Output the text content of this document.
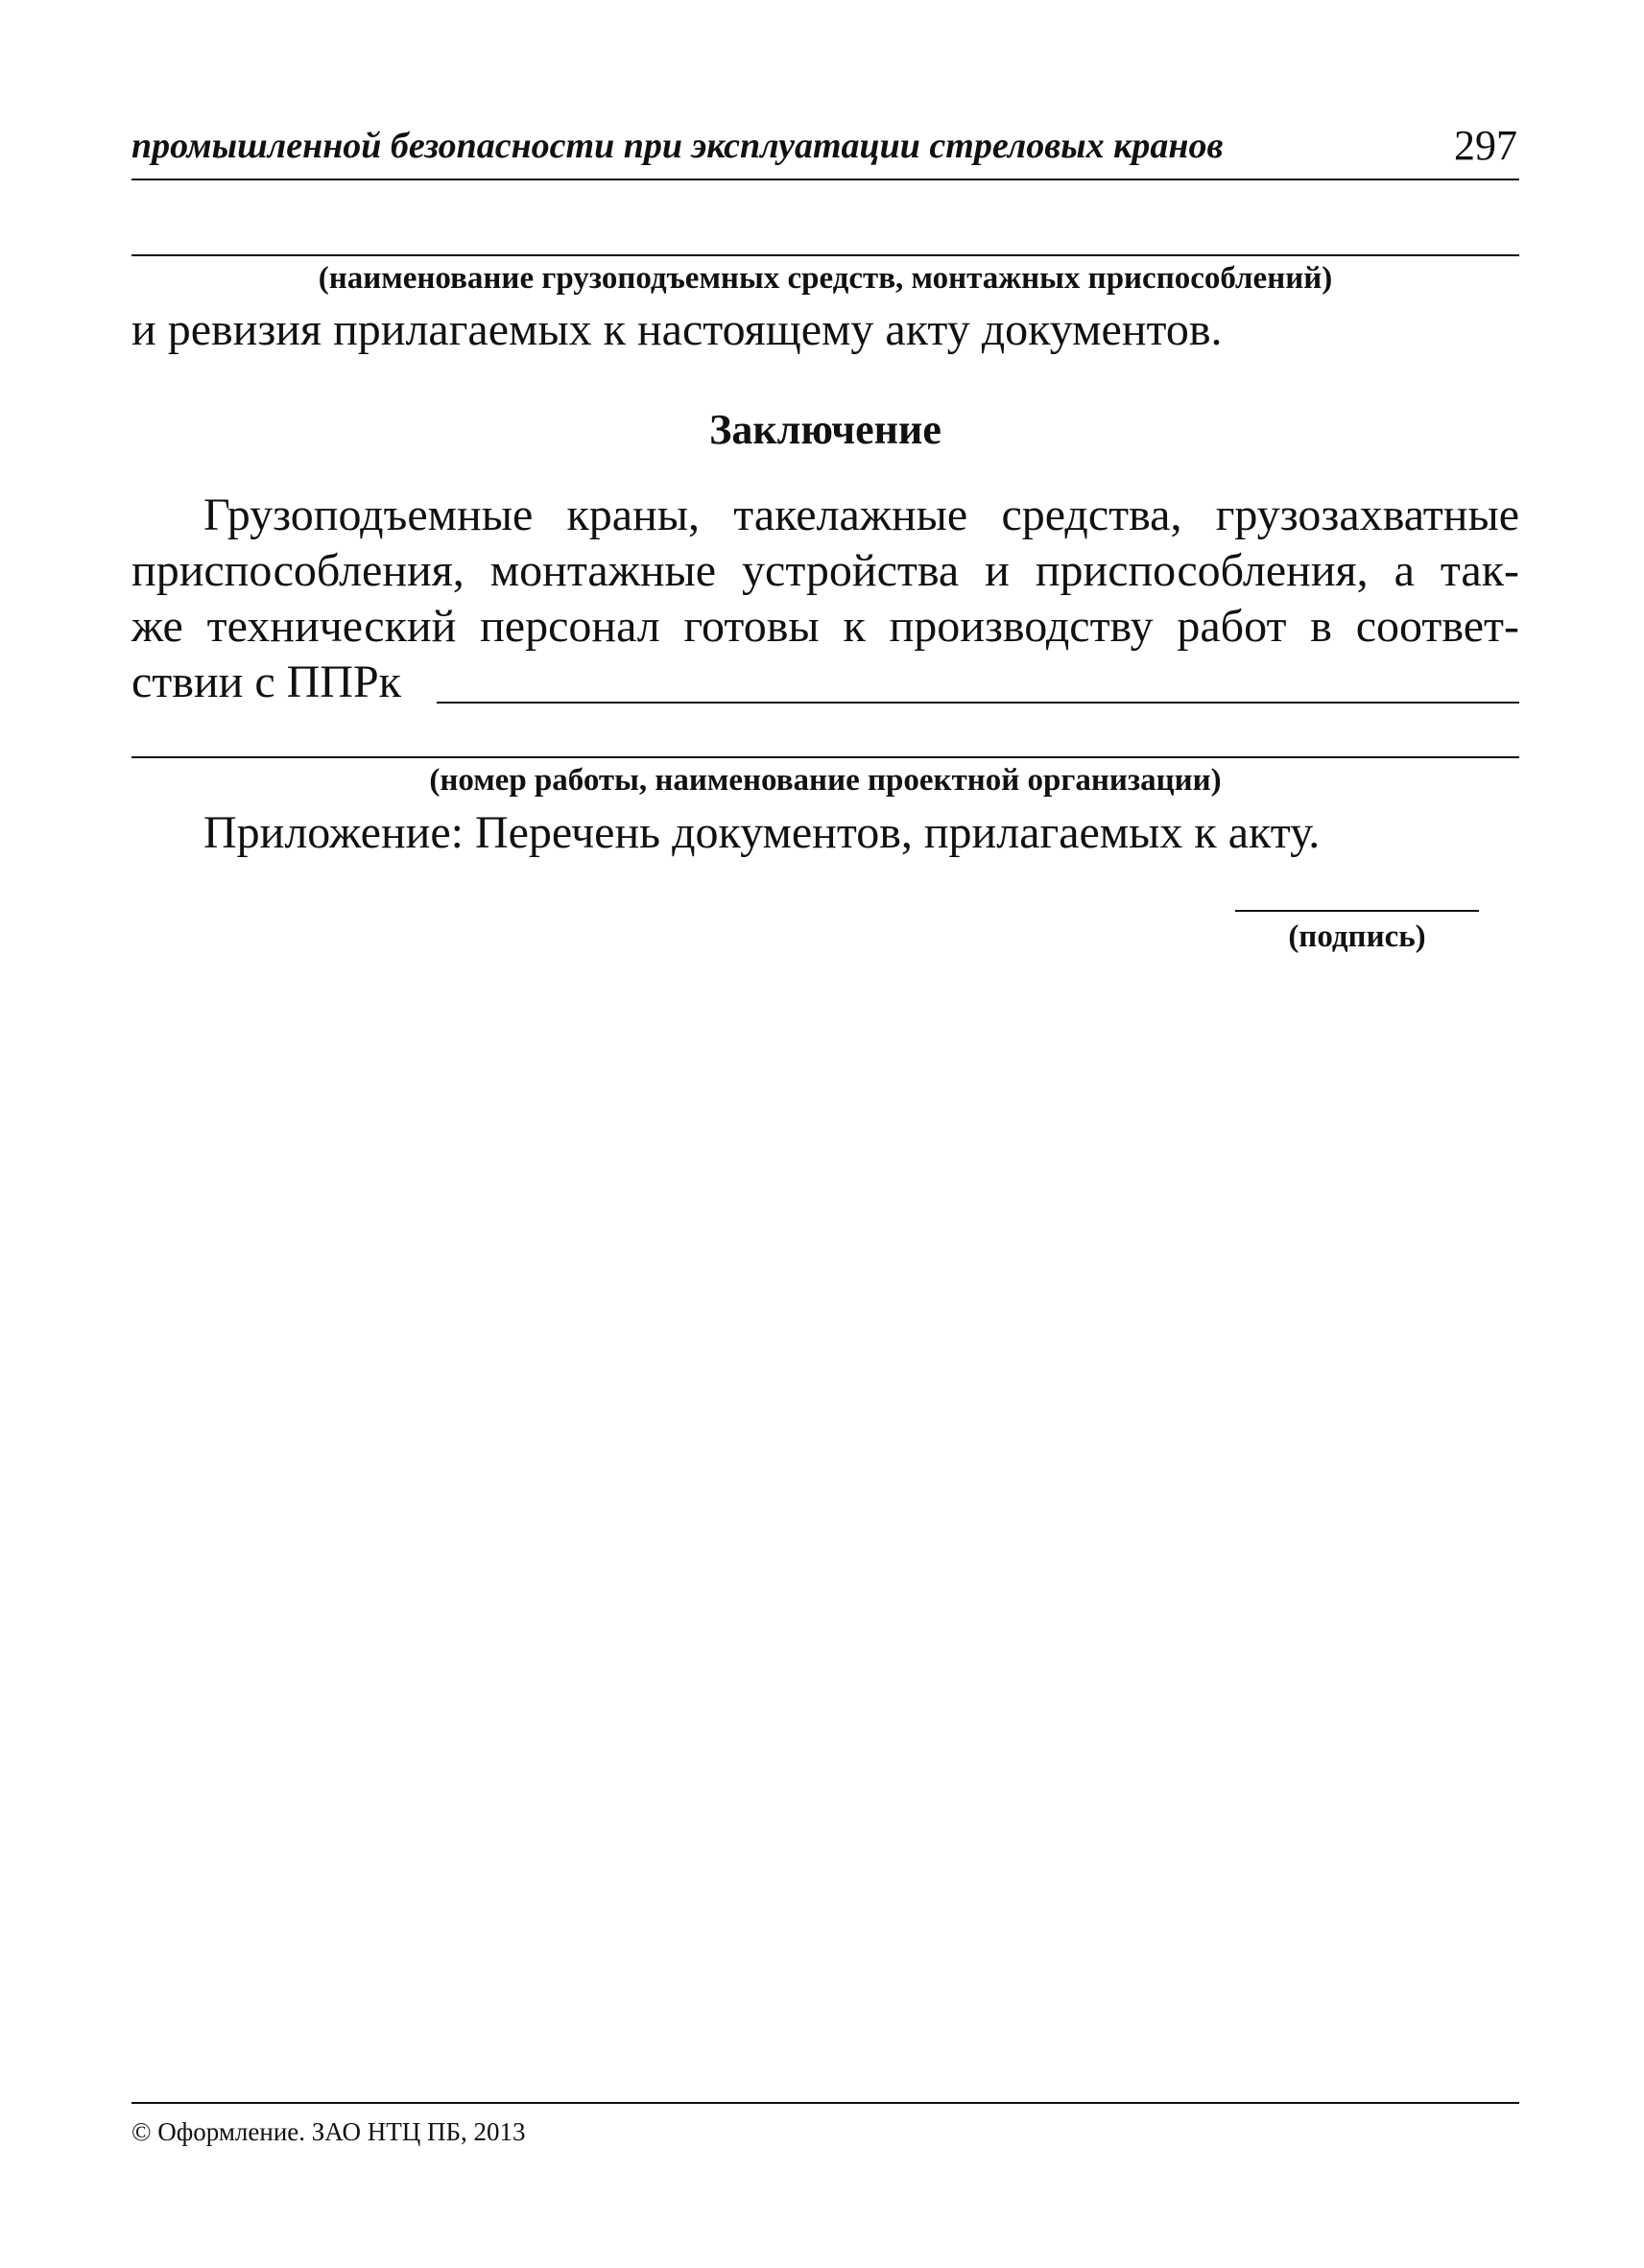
промышленной безопасности при эксплуатации стреловых кранов	297
(наименование грузоподъемных средств, монтажных приспособлений)
и ревизия прилагаемых к настоящему акту документов.
Заключение
Грузоподъемные краны, такелажные средства, грузозахватные
приспособления, монтажные устройства и приспособления, а так-
же технический персонал готовы к производству работ в соответ-
ствии с ППРк
(номер работы, наименование проектной организации)
Приложение: Перечень документов, прилагаемых к акту.
(подпись)
© Оформление. ЗАО НТЦ ПБ, 2013
